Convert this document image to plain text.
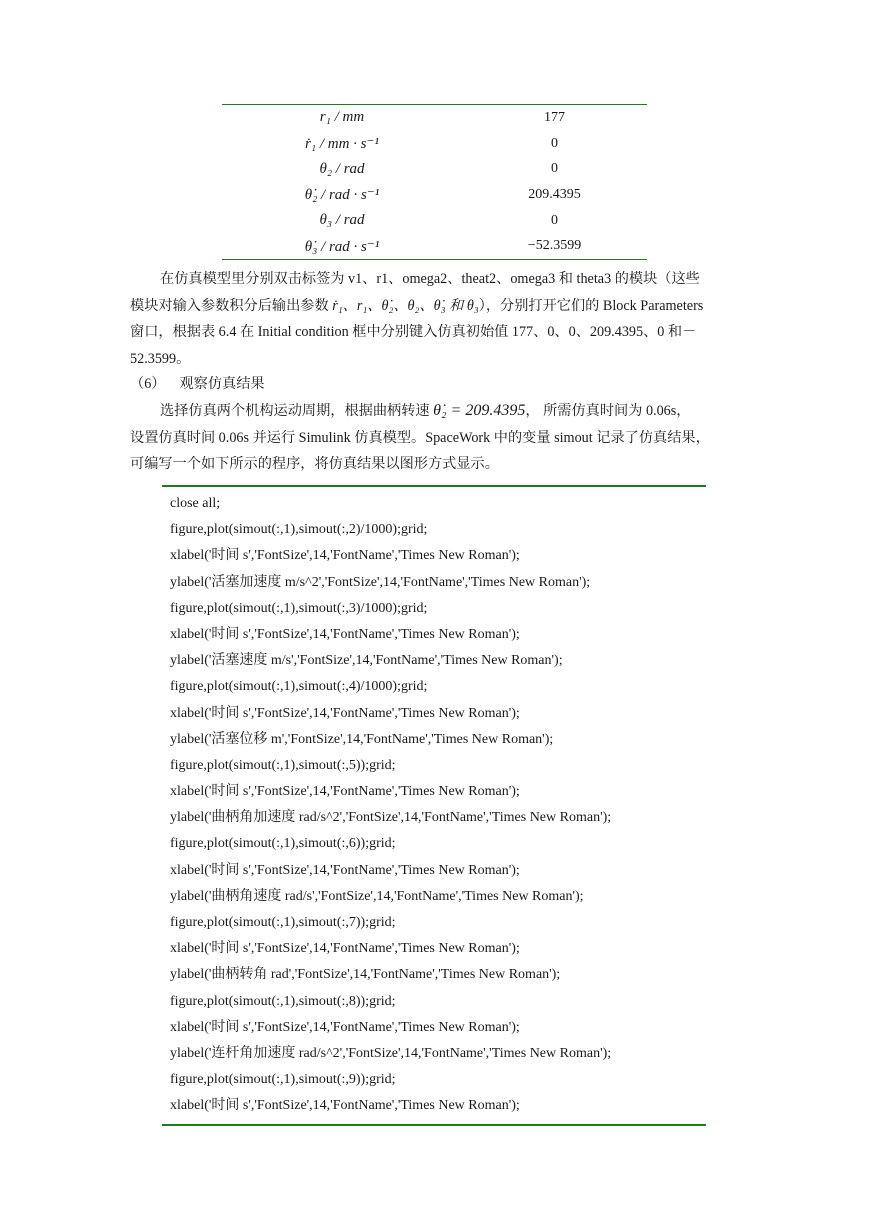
r₁ / mm	177
ṙ₁ / mm · s⁻¹	0
θ₂ / rad	0
θ̇₂ / rad · s⁻¹	209.4395
θ₃ / rad	0
θ̇₃ / rad · s⁻¹	−52.3599
在仿真模型里分别双击标签为 v1、r1、omega2、theat2、omega3 和 theta3 的模块（这些
模块对输入参数积分后输出参数 ṙ₁、r₁、θ̇₂、θ₂、θ̇₃ 和 θ₃），分别打开它们的 Block Parameters
窗口，根据表 6.4 在 Initial condition 框中分别键入仿真初始值 177、0、0、209.4395、0 和－
52.3599。
（6） 观察仿真结果
选择仿真两个机构运动周期，根据曲柄转速 θ̇₂ = 209.4395， 所需仿真时间为 0.06s，
设置仿真时间 0.06s 并运行 Simulink 仿真模型。SpaceWork 中的变量 simout 记录了仿真结果，
可编写一个如下所示的程序，将仿真结果以图形方式显示。
close all;
figure,plot(simout(:,1),simout(:,2)/1000);grid;
xlabel('时间 s','FontSize',14,'FontName','Times New Roman');
ylabel('活塞加速度 m/s^2','FontSize',14,'FontName','Times New Roman');
figure,plot(simout(:,1),simout(:,3)/1000);grid;
xlabel('时间 s','FontSize',14,'FontName','Times New Roman');
ylabel('活塞速度 m/s','FontSize',14,'FontName','Times New Roman');
figure,plot(simout(:,1),simout(:,4)/1000);grid;
xlabel('时间 s','FontSize',14,'FontName','Times New Roman');
ylabel('活塞位移 m','FontSize',14,'FontName','Times New Roman');
figure,plot(simout(:,1),simout(:,5));grid;
xlabel('时间 s','FontSize',14,'FontName','Times New Roman');
ylabel('曲柄角加速度 rad/s^2','FontSize',14,'FontName','Times New Roman');
figure,plot(simout(:,1),simout(:,6));grid;
xlabel('时间 s','FontSize',14,'FontName','Times New Roman');
ylabel('曲柄角速度 rad/s','FontSize',14,'FontName','Times New Roman');
figure,plot(simout(:,1),simout(:,7));grid;
xlabel('时间 s','FontSize',14,'FontName','Times New Roman');
ylabel('曲柄转角 rad','FontSize',14,'FontName','Times New Roman');
figure,plot(simout(:,1),simout(:,8));grid;
xlabel('时间 s','FontSize',14,'FontName','Times New Roman');
ylabel('连杆角加速度 rad/s^2','FontSize',14,'FontName','Times New Roman');
figure,plot(simout(:,1),simout(:,9));grid;
xlabel('时间 s','FontSize',14,'FontName','Times New Roman');
